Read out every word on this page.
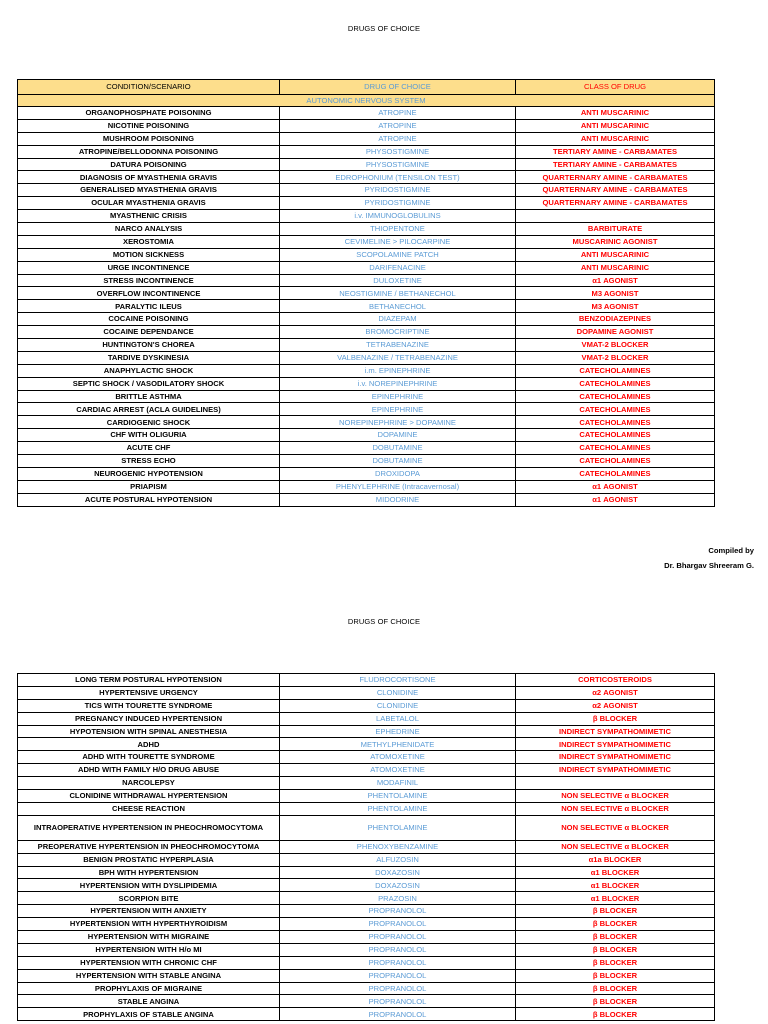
DRUGS OF CHOICE
CONDITION/SCENARIO	DRUG OF CHOICE	CLASS OF DRUG
AUTONOMIC NERVOUS SYSTEM		
ORGANOPHOSPHATE POISONING	ATROPINE	ANTI MUSCARINIC
NICOTINE POISONING	ATROPINE	ANTI MUSCARINIC
MUSHROOM POISONING	ATROPINE	ANTI MUSCARINIC
ATROPINE/BELLODONNA POISONING	PHYSOSTIGMINE	TERTIARY AMINE - CARBAMATES
DATURA POISONING	PHYSOSTIGMINE	TERTIARY AMINE - CARBAMATES
DIAGNOSIS OF MYASTHENIA GRAVIS	EDROPHONIUM (TENSILON TEST)	QUARTERNARY AMINE - CARBAMATES
GENERALISED MYASTHENIA GRAVIS	PYRIDOSTIGMINE	QUARTERNARY AMINE - CARBAMATES
OCULAR MYASTHENIA GRAVIS	PYRIDOSTIGMINE	QUARTERNARY AMINE - CARBAMATES
MYASTHENIC CRISIS	i.v. IMMUNOGLOBULINS	
NARCO ANALYSIS	THIOPENTONE	BARBITURATE
XEROSTOMIA	CEVIMELINE > PILOCARPINE	MUSCARINIC AGONIST
MOTION SICKNESS	SCOPOLAMINE PATCH	ANTI MUSCARINIC
URGE INCONTINENCE	DARIFENACINE	ANTI MUSCARINIC
STRESS INCONTINENCE	DULOXETINE	α1 AGONIST
OVERFLOW INCONTINENCE	NEOSTIGMINE / BETHANECHOL	M3 AGONIST
PARALYTIC ILEUS	BETHANECHOL	M3 AGONIST
COCAINE POISONING	DIAZEPAM	BENZODIAZEPINES
COCAINE DEPENDANCE	BROMOCRIPTINE	DOPAMINE AGONIST
HUNTINGTON'S CHOREA	TETRABENAZINE	VMAT-2 BLOCKER
TARDIVE DYSKINESIA	VALBENAZINE / TETRABENAZINE	VMAT-2 BLOCKER
ANAPHYLACTIC SHOCK	i.m. EPINEPHRINE	CATECHOLAMINES
SEPTIC SHOCK / VASODILATORY SHOCK	i.v. NOREPINEPHRINE	CATECHOLAMINES
BRITTLE ASTHMA	EPINEPHRINE	CATECHOLAMINES
CARDIAC ARREST (ACLA GUIDELINES)	EPINEPHRINE	CATECHOLAMINES
CARDIOGENIC SHOCK	NOREPINEPHRINE > DOPAMINE	CATECHOLAMINES
CHF WITH OLIGURIA	DOPAMINE	CATECHOLAMINES
ACUTE CHF	DOBUTAMINE	CATECHOLAMINES
STRESS ECHO	DOBUTAMINE	CATECHOLAMINES
NEUROGENIC HYPOTENSION	DROXIDOPA	CATECHOLAMINES
PRIAPISM	PHENYLEPHRINE (Intracavernosal)	α1 AGONIST
ACUTE POSTURAL HYPOTENSION	MIDODRINE	α1 AGONIST
Compiled by
Dr. Bhargav Shreeram G.
DRUGS OF CHOICE
LONG TERM POSTURAL HYPOTENSION	FLUDROCORTISONE	CORTICOSTEROIDS
HYPERTENSIVE URGENCY	CLONIDINE	α2 AGONIST
TICS WITH TOURETTE SYNDROME	CLONIDINE	α2 AGONIST
PREGNANCY INDUCED HYPERTENSION	LABETALOL	β BLOCKER
HYPOTENSION WITH SPINAL ANESTHESIA	EPHEDRINE	INDIRECT SYMPATHOMIMETIC
ADHD	METHYLPHENIDATE	INDIRECT SYMPATHOMIMETIC
ADHD WITH TOURETTE SYNDROME	ATOMOXETINE	INDIRECT SYMPATHOMIMETIC
ADHD WITH FAMILY H/O DRUG ABUSE	ATOMOXETINE	INDIRECT SYMPATHOMIMETIC
NARCOLEPSY	MODAFINIL	
CLONIDINE WITHDRAWAL HYPERTENSION	PHENTOLAMINE	NON SELECTIVE α BLOCKER
CHEESE REACTION	PHENTOLAMINE	NON SELECTIVE α BLOCKER
INTRAOPERATIVE HYPERTENSION IN PHEOCHROMOCYTOMA	PHENTOLAMINE	NON SELECTIVE α BLOCKER
PREOPERATIVE HYPERTENSION IN PHEOCHROMOCYTOMA	PHENOXYBENZAMINE	NON SELECTIVE α BLOCKER
BENIGN PROSTATIC HYPERPLASIA	ALFUZOSIN	α1a BLOCKER
BPH WITH HYPERTENSION	DOXAZOSIN	α1 BLOCKER
HYPERTENSION WITH DYSLIPIDEMIA	DOXAZOSIN	α1 BLOCKER
SCORPION BITE	PRAZOSIN	α1 BLOCKER
HYPERTENSION WITH ANXIETY	PROPRANOLOL	β BLOCKER
HYPERTENSION WITH HYPERTHYROIDISM	PROPRANOLOL	β BLOCKER
HYPERTENSION WITH MIGRAINE	PROPRANOLOL	β BLOCKER
HYPERTENSION WITH H/o MI	PROPRANOLOL	β BLOCKER
HYPERTENSION WITH CHRONIC CHF	PROPRANOLOL	β BLOCKER
HYPERTENSION WITH STABLE ANGINA	PROPRANOLOL	β BLOCKER
PROPHYLAXIS OF MIGRAINE	PROPRANOLOL	β BLOCKER
STABLE ANGINA	PROPRANOLOL	β BLOCKER
PROPHYLAXIS OF STABLE ANGINA	PROPRANOLOL	β BLOCKER
